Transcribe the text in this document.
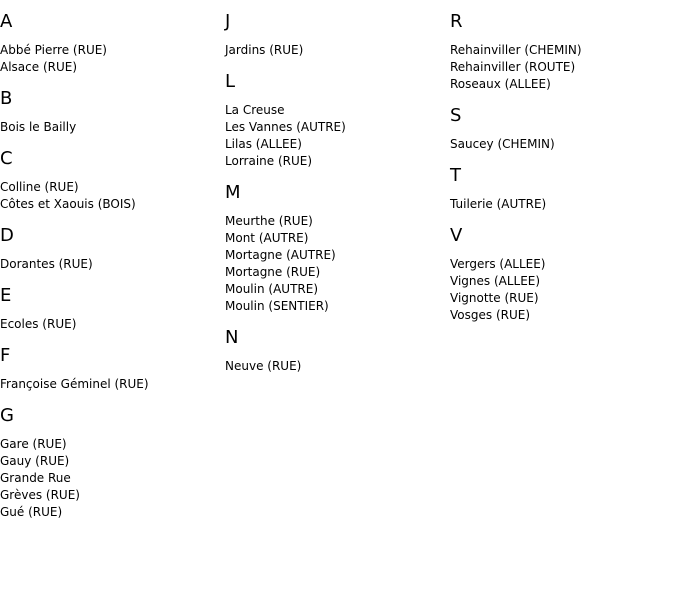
A
Abbé Pierre (RUE)
Alsace (RUE)
B
Bois le Bailly
C
Colline (RUE)
Côtes et Xaouis (BOIS)
D
Dorantes (RUE)
E
Ecoles (RUE)
F
Françoise Géminel (RUE)
G
Gare (RUE)
Gauy (RUE)
Grande Rue
Grèves (RUE)
Gué (RUE)
J
Jardins (RUE)
L
La Creuse
Les Vannes (AUTRE)
Lilas (ALLEE)
Lorraine (RUE)
M
Meurthe (RUE)
Mont (AUTRE)
Mortagne (AUTRE)
Mortagne (RUE)
Moulin (AUTRE)
Moulin (SENTIER)
N
Neuve (RUE)
R
Rehainviller (CHEMIN)
Rehainviller (ROUTE)
Roseaux (ALLEE)
S
Saucey (CHEMIN)
T
Tuilerie (AUTRE)
V
Vergers (ALLEE)
Vignes (ALLEE)
Vignotte (RUE)
Vosges (RUE)
